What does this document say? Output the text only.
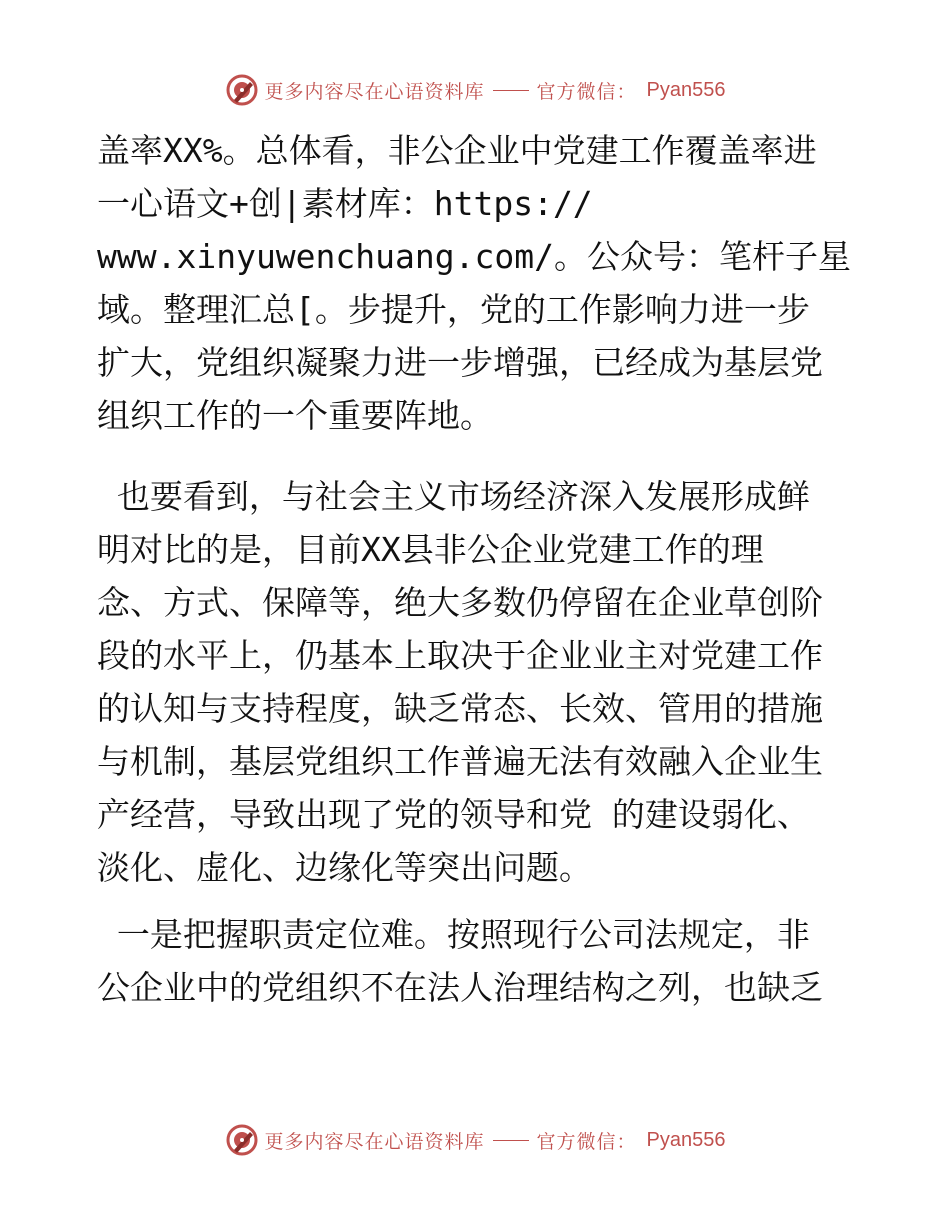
更多内容尽在心语资料库	官方微信： Pyan556
盖率XX%。总体看，非公企业中党建工作覆盖率进
一心语文+创|素材库：https://
www.xinyuwenchuang.com/。公众号：笔杆子星
域。整理汇总[。步提升，党的工作影响力进一步
扩大，党组织凝聚力进一步增强，已经成为基层党
组织工作的一个重要阵地。
也要看到，与社会主义市场经济深入发展形成鲜
明对比的是，目前XX县非公企业党建工作的理
念、方式、保障等，绝大多数仍停留在企业草创阶
段的水平上，仍基本上取决于企业业主对党建工作
的认知与支持程度，缺乏常态、长效、管用的措施
与机制，基层党组织工作普遍无法有效融入企业生
产经营，导致出现了党的领导和党 的建设弱化、
淡化、虚化、边缘化等突出问题。
一是把握职责定位难。按照现行公司法规定，非
公企业中的党组织不在法人治理结构之列，也缺乏
更多内容尽在心语资料库	官方微信： Pyan556
